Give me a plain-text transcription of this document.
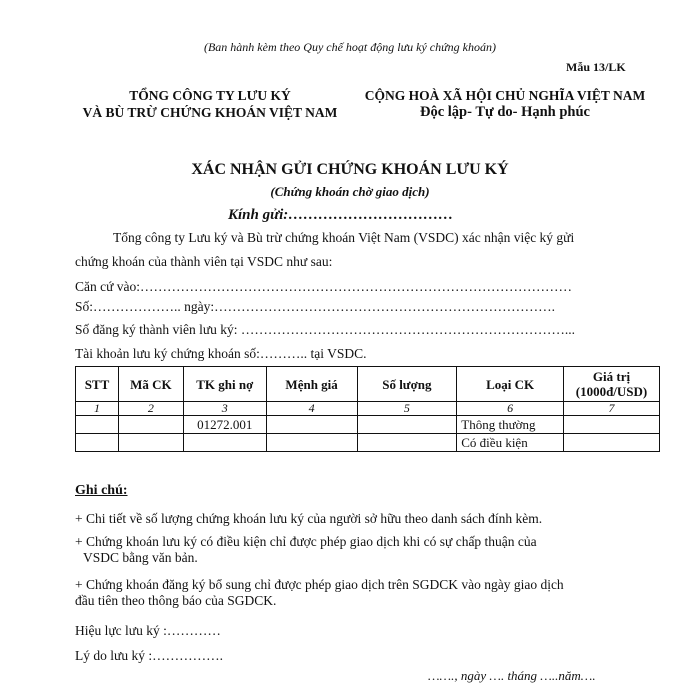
(Ban hành kèm theo Quy chế hoạt động lưu ký chứng khoán)
Mẫu 13/LK
TỔNG CÔNG TY LƯU KÝ
VÀ BÙ TRỪ CHỨNG KHOÁN VIỆT NAM
CỘNG HOÀ XÃ HỘI CHỦ NGHĨA VIỆT NAM
Độc lập- Tự do- Hạnh phúc
XÁC NHẬN GỬI CHỨNG KHOÁN LƯU KÝ
(Chứng khoán chờ giao dịch)
Kính gửi:……………………………
Tổng công ty Lưu ký và Bù trừ chứng khoán Việt Nam (VSDC) xác nhận việc ký gửi
chứng khoán của thành viên tại VSDC như sau:
Căn cứ vào:……………………………………………………………………………………
Số:……………….. ngày:………………………………………………………………….
Số đăng ký thành viên lưu ký: ………………………………………………………………...
Tài khoản lưu ký chứng khoán số:……….. tại VSDC.
STT	Mã CK	TK ghi nợ	Mệnh giá	Số lượng	Loại CK	Giá trị
(1000đ/USD)

1	2	3	4	5	6	7
		01272.001			Thông thường	
					Có điều kiện	
Ghi chú:
+ Chi tiết về số lượng chứng khoán lưu ký của người sở hữu theo danh sách đính kèm.
+ Chứng khoán lưu ký có điều kiện chỉ được phép giao dịch khi có sự chấp thuận của
VSDC bằng văn bản.
+ Chứng khoán đăng ký bổ sung chỉ được phép giao dịch trên SGDCK vào ngày giao dịch
đầu tiên theo thông báo của SGDCK.
Hiệu lực lưu ký :…………
Lý do lưu ký :…………….
……., ngày …. tháng …..năm….
